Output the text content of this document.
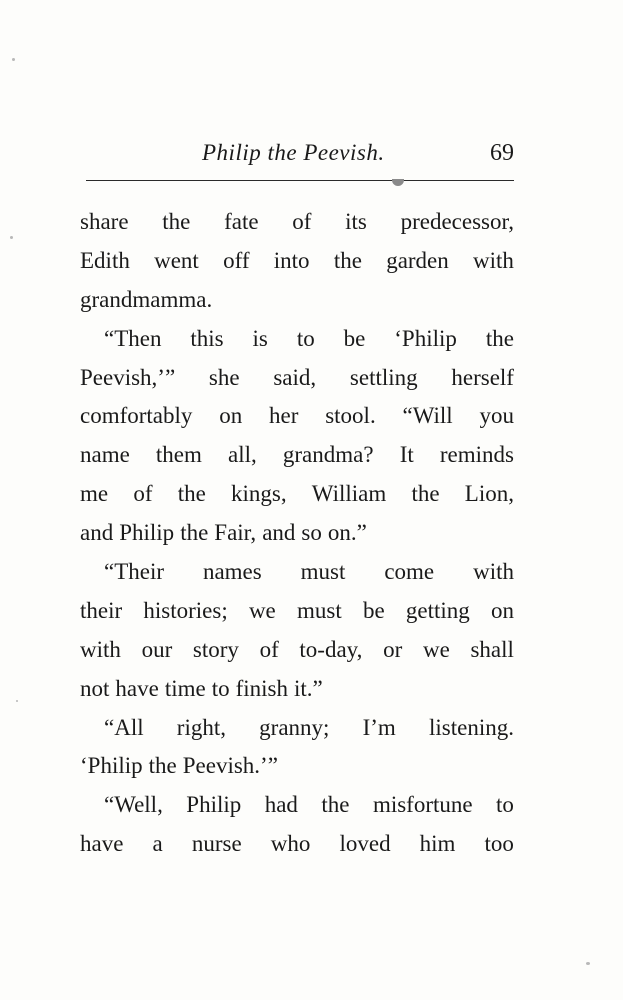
Philip the Peevish.	69
share the fate of its predecessor,
Edith went off into the garden with
grandmamma.
“Then this is to be ‘Philip the
Peevish,’” she said, settling herself
comfortably on her stool. “Will you
name them all, grandma? It reminds
me of the kings, William the Lion,
and Philip the Fair, and so on.”
“Their names must come with
their histories; we must be getting on
with our story of to-day, or we shall
not have time to finish it.”
“All right, granny; I’m listening.
‘Philip the Peevish.’”
“Well, Philip had the misfortune to
have a nurse who loved him too
